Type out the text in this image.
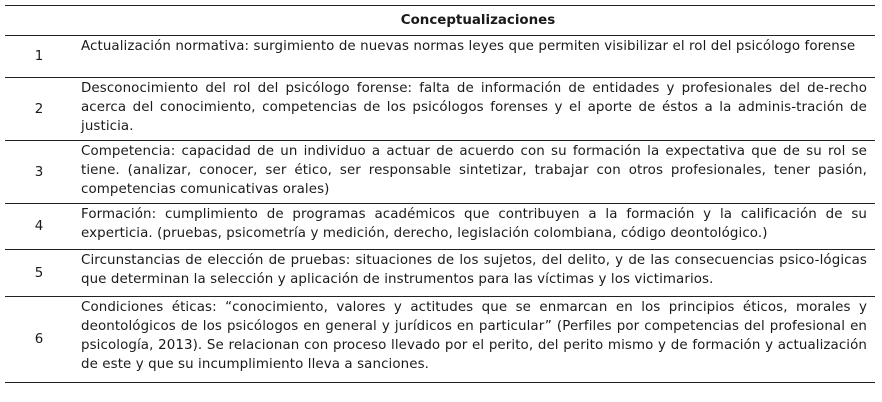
	Conceptualizaciones
1	Actualización normativa: surgimiento de nuevas normas leyes que permiten visibilizar el rol del psicólogo forense
2	Desconocimiento del rol del psicólogo forense: falta de información de entidades y profesionales del de-recho acerca del conocimiento, competencias de los psicólogos forenses y el aporte de éstos a la adminis-tración de justicia.
3	Competencia: capacidad de un individuo a actuar de acuerdo con su formación la expectativa que de su rol se tiene. (analizar, conocer, ser ético, ser responsable sintetizar, trabajar con otros profesionales, tener pasión, competencias comunicativas orales)
4	Formación: cumplimiento de programas académicos que contribuyen a la formación y la calificación de su experticia. (pruebas, psicometría y medición, derecho, legislación colombiana, código deontológico.)
5	Circunstancias de elección de pruebas: situaciones de los sujetos, del delito, y de las consecuencias psico-lógicas que determinan la selección y aplicación de instrumentos para las víctimas y los victimarios.
6	Condiciones éticas: “conocimiento, valores y actitudes que se enmarcan en los principios éticos, morales y deontológicos de los psicólogos en general y jurídicos en particular” (Perfiles por competencias del profesional en psicología, 2013). Se relacionan con proceso llevado por el perito, del perito mismo y de formación y actualización de este y que su incumplimiento lleva a sanciones.
